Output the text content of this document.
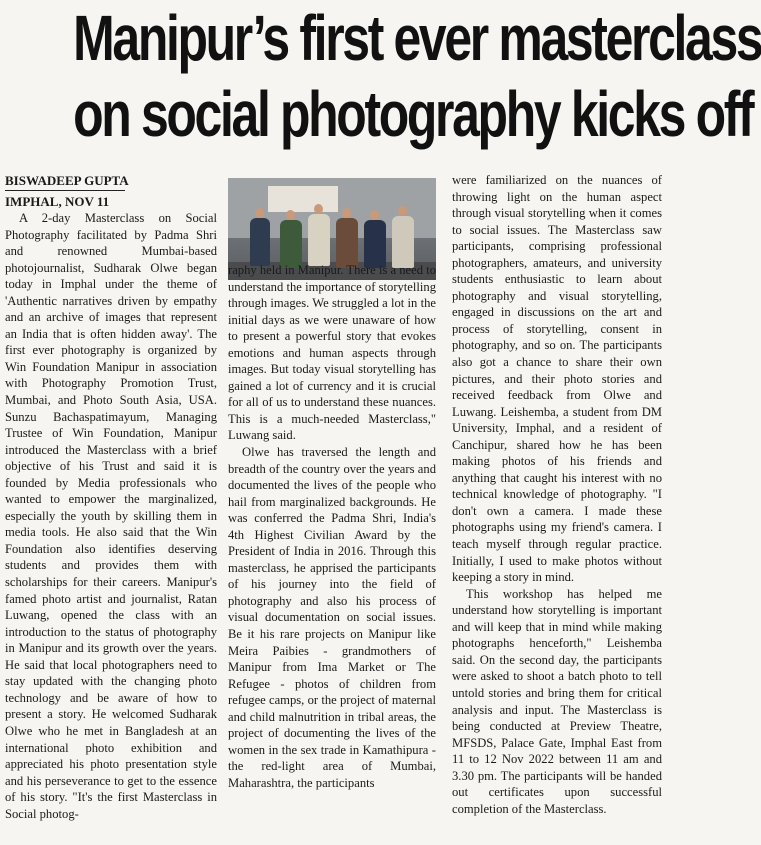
Manipur’s first ever masterclass
on social photography kicks off
BISWADEEP GUPTA
IMPHAL, NOV 11

A 2-day Masterclass on Social Photography facilitated by Padma Shri and renowned Mumbai-based photojournalist, Sudharak Olwe began today in Imphal under the theme of 'Authentic narratives driven by empathy and an archive of images that represent an India that is often hidden away'. The first ever photography is organized by Win Foundation Manipur in association with Photography Promotion Trust, Mumbai, and Photo South Asia, USA. Sunzu Bachaspatimayum, Managing Trustee of Win Foundation, Manipur introduced the Masterclass with a brief objective of his Trust and said it is founded by Media professionals who wanted to empower the marginalized, especially the youth by skilling them in media tools. He also said that the Win Foundation also identifies deserving students and provides them with scholarships for their careers. Manipur's famed photo artist and journalist, Ratan Luwang, opened the class with an introduction to the status of photography in Manipur and its growth over the years. He said that local photographers need to stay updated with the changing photo technology and be aware of how to present a story. He welcomed Sudharak Olwe who he met in Bangladesh at an international photo exhibition and appreciated his photo presentation style and his perseverance to get to the essence of his story. "It's the first Masterclass in Social photog-

raphy held in Manipur. There is a need to understand the importance of storytelling through images. We struggled a lot in the initial days as we were unaware of how to present a powerful story that evokes emotions and human aspects through images. But today visual storytelling has gained a lot of currency and it is crucial for all of us to understand these nuances. This is a much-needed Masterclass," Luwang said.

Olwe has traversed the length and breadth of the country over the years and documented the lives of the people who hail from marginalized backgrounds. He was conferred the Padma Shri, India's 4th Highest Civilian Award by the President of India in 2016. Through this masterclass, he apprised the participants of his journey into the field of photography and also his process of visual documentation on social issues. Be it his rare projects on Manipur like Meira Paibies - grandmothers of Manipur from Ima Market or The Refugee - photos of children from refugee camps, or the project of maternal and child malnutrition in tribal areas, the project of documenting the lives of the women in the sex trade in Kamathipura - the red-light area of Mumbai, Maharashtra, the participants

were familiarized on the nuances of throwing light on the human aspect through visual storytelling when it comes to social issues. The Masterclass saw participants, comprising professional photographers, amateurs, and university students enthusiastic to learn about photography and visual storytelling, engaged in discussions on the art and process of storytelling, consent in photography, and so on. The participants also got a chance to share their own pictures, and their photo stories and received feedback from Olwe and Luwang. Leishemba, a student from DM University, Imphal, and a resident of Canchipur, shared how he has been making photos of his friends and anything that caught his interest with no technical knowledge of photography. "I don't own a camera. I made these photographs using my friend's camera. I teach myself through regular practice. Initially, I used to make photos without keeping a story in mind.

This workshop has helped me understand how storytelling is important and will keep that in mind while making photographs henceforth," Leishemba said. On the second day, the participants were asked to shoot a batch photo to tell untold stories and bring them for critical analysis and input. The Masterclass is being conducted at Preview Theatre, MFSDS, Palace Gate, Imphal East from 11 to 12 Nov 2022 between 11 am and 3.30 pm. The participants will be handed out certificates upon successful completion of the Masterclass.
